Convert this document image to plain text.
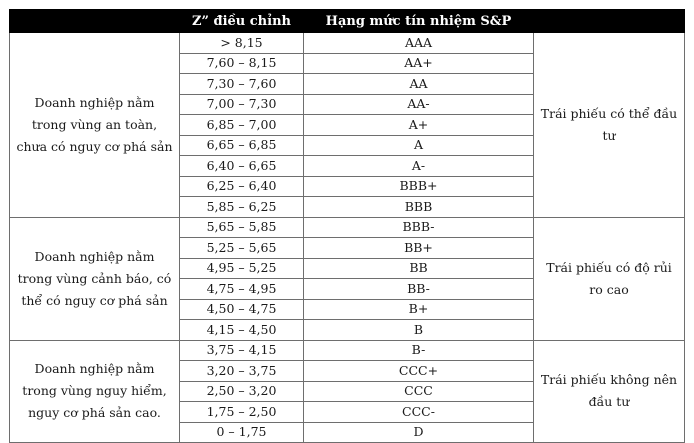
	Z” điều chỉnh	Hạng mức tín nhiệm S&P	
Doanh nghiệp nằm trong vùng an toàn, chưa có nguy cơ phá sản	> 8,15	AAA	Trái phiếu có thể đầu tư
	7,60 – 8,15	AA+	
	7,30 – 7,60	AA	
	7,00 – 7,30	AA-	
	6,85 – 7,00	A+	
	6,65 – 6,85	A	
	6,40 – 6,65	A-	
	6,25 – 6,40	BBB+	
	5,85 – 6,25	BBB	
Doanh nghiệp nằm trong vùng cảnh báo, có thể có nguy cơ phá sản	5,65 – 5,85	BBB-	Trái phiếu có độ rủi ro cao
	5,25 – 5,65	BB+	
	4,95 – 5,25	BB	
	4,75 – 4,95	BB-	
	4,50 – 4,75	B+	
	4,15 – 4,50	B	
Doanh nghiệp nằm trong vùng nguy hiểm, nguy cơ phá sản cao.	3,75 – 4,15	B-	Trái phiếu không nên đầu tư
	3,20 – 3,75	CCC+	
	2,50 – 3,20	CCC	
	1,75 – 2,50	CCC-	
	0 – 1,75	D	
